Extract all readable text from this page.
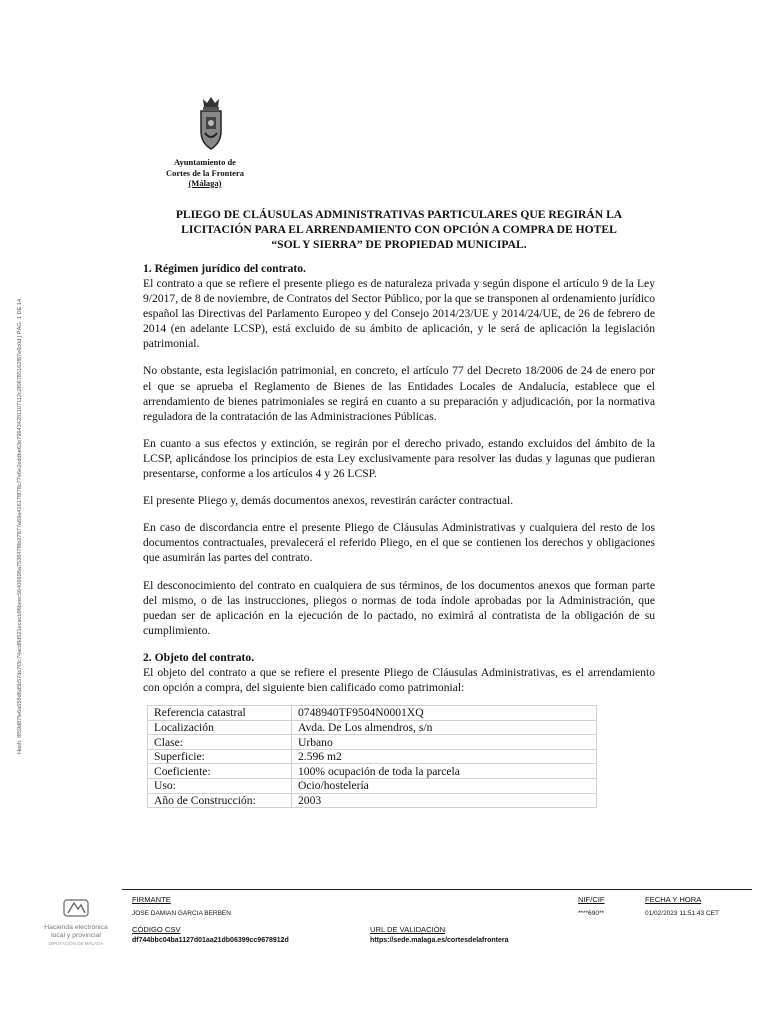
Ayuntamiento de
Cortes de la Frontera
(Málaga)
Hash: 8f59d87fe6a558d6d5b57dc7f3c74acd8d521ecacb96beec56406698a753847f8b27877a69a416178f78c77e6e2eddbe63e796434281107112c2f06785162f87e6c0d | PÁG. 1 DE 14
PLIEGO DE CLÁUSULAS ADMINISTRATIVAS PARTICULARES QUE REGIRÁN LA
LICITACIÓN PARA EL ARRENDAMIENTO CON OPCIÓN A COMPRA DE HOTEL
“SOL Y SIERRA” DE PROPIEDAD MUNICIPAL.
1. Régimen jurídico del contrato.

El contrato a que se refiere el presente pliego es de naturaleza privada y según dispone el artículo 9 de la Ley 9/2017, de 8 de noviembre, de Contratos del Sector Público, por la que se transponen al ordenamiento jurídico español las Directivas del Parlamento Europeo y del Consejo 2014/23/UE y 2014/24/UE, de 26 de febrero de 2014 (en adelante LCSP), está excluido de su ámbito de aplicación, y le será de aplicación la legislación patrimonial.

No obstante, esta legislación patrimonial, en concreto, el artículo 77 del Decreto 18/2006 de 24 de enero por el que se aprueba el Reglamento de Bienes de las Entidades Locales de Andalucía, establece que el arrendamiento de bienes patrimoniales se regirá en cuanto a su preparación y adjudicación, por la normativa reguladora de la contratación de las Administraciones Públicas.

En cuanto a sus efectos y extinción, se regirán por el derecho privado, estando excluidos del ámbito de la LCSP, aplicándose los principios de esta Ley exclusivamente para resolver las dudas y lagunas que pudieran presentarse, conforme a los artículos 4 y 26 LCSP.

El presente Pliego y, demás documentos anexos, revestirán carácter contractual.

En caso de discordancia entre el presente Pliego de Cláusulas Administrativas y cualquiera del resto de los documentos contractuales, prevalecerá el referido Pliego, en el que se contienen los derechos y obligaciones que asumirán las partes del contrato.

El desconocimiento del contrato en cualquiera de sus términos, de los documentos anexos que forman parte del mismo, o de las instrucciones, pliegos o normas de toda índole aprobadas por la Administración, que puedan ser de aplicación en la ejecución de lo pactado, no eximirá al contratista de la obligación de su cumplimiento.

2. Objeto del contrato.

El objeto del contrato a que se refiere el presente Pliego de Cláusulas Administrativas, es el arrendamiento con opción a compra, del siguiente bien calificado como patrimonial:

Referencia catastral	0748940TF9504N0001XQ
Localización	Avda. De Los almendros, s/n
Clase:	Urbano
Superficie:	2.596 m2
Coeficiente:	100% ocupación de toda la parcela
Uso:	Ocio/hostelería
Año de Construcción:	2003
Hacienda electrónica
local y provincial
DIPUTACIÓN DE MÁLAGA
FIRMANTE
JOSE DAMIAN GARCIA BERBEN
NIF/CIF
****690**
FECHA Y HORA
01/02/2023 11:51:43 CET
CÓDIGO CSV
df744bbc04ba1127d01aa21db06399cc9678912d
URL DE VALIDACIÓN
https://sede.malaga.es/cortesdelafrontera
